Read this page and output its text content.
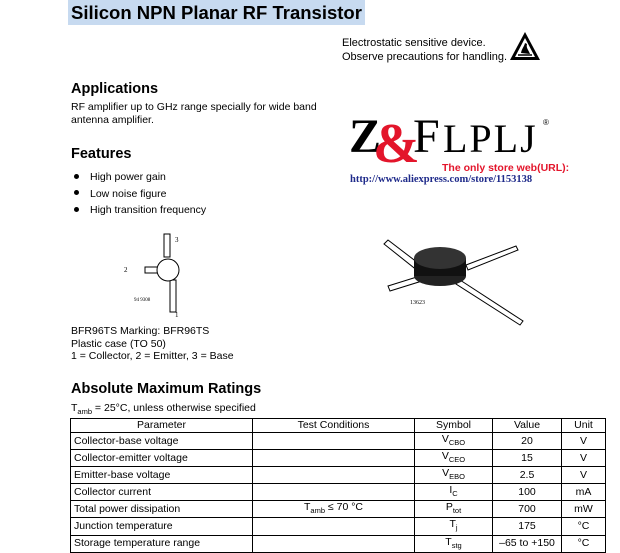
Silicon NPN Planar RF Transistor
Electrostatic sensitive device.
Observe precautions for handling.
Applications
RF amplifier up to GHz range specially for wide band antenna amplifier.
Features
High power gain
Low noise figure
High transition frequency
Z
&
F LPLJ ®
The only store web(URL):
http://www.aliexpress.com/store/1153138
3
2
1
94 9308	13623
BFR96TS Marking: BFR96TS
Plastic case (TO 50)
1 = Collector, 2 = Emitter, 3 = Base
Absolute Maximum Ratings
$T_{amb} = 25^\circ C$, unless otherwise specified
Parameter	Test Conditions	Symbol	Value	Unit
Collector-base voltage		$V_{CBO}$	20	V
Collector-emitter voltage		$V_{CEO}$	15	V
Emitter-base voltage		$V_{EBO}$	2.5	V
Collector current		$I_C$	100	mA
Total power dissipation	$T_{amb} \le 70$ °C	$P_{tot}$	700	mW
Junction temperature		$T_j$	175	°C
Storage temperature range		$T_{stg}$	–65 to +150	°C
